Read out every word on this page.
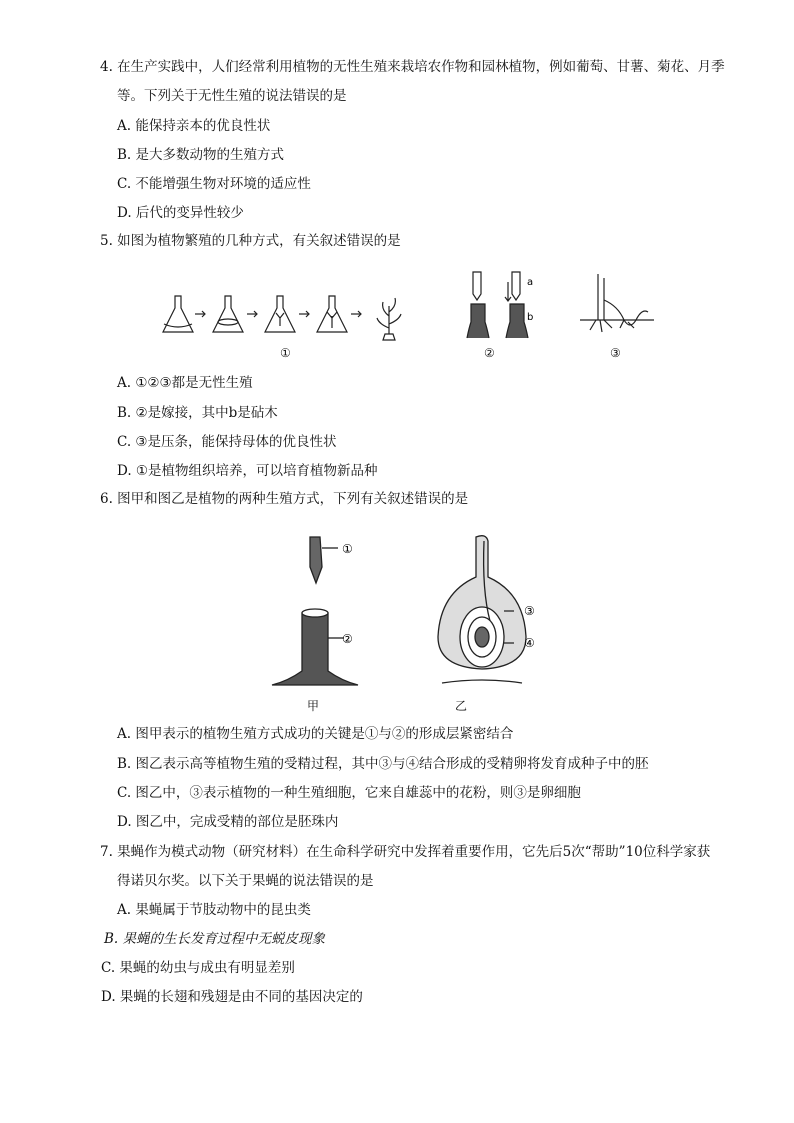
4. 在生产实践中，人们经常利用植物的无性生殖来栽培农作物和园林植物，例如葡萄、甘薯、菊花、月季
等。下列关于无性生殖的说法错误的是
A. 能保持亲本的优良性状
B. 是大多数动物的生殖方式
C. 不能增强生物对环境的适应性
D. 后代的变异性较少
5. 如图为植物繁殖的几种方式，有关叙述错误的是
①
a
b
②	③
A. ①②③都是无性生殖
B. ②是嫁接，其中b是砧木
C. ③是压条，能保持母体的优良性状
D. ①是植物组织培养，可以培育植物新品种
6. 图甲和图乙是植物的两种生殖方式，下列有关叙述错误的是
①
②
甲
③
④
乙
A. 图甲表示的植物生殖方式成功的关键是①与②的形成层紧密结合
B. 图乙表示高等植物生殖的受精过程，其中③与④结合形成的受精卵将发育成种子中的胚
C. 图乙中，③表示植物的一种生殖细胞，它来自雄蕊中的花粉，则③是卵细胞
D. 图乙中，完成受精的部位是胚珠内
7. 果蝇作为模式动物（研究材料）在生命科学研究中发挥着重要作用，它先后5次“帮助”10位科学家获
得诺贝尔奖。以下关于果蝇的说法错误的是
A. 果蝇属于节肢动物中的昆虫类
B. 果蝇的生长发育过程中无蜕皮现象
C. 果蝇的幼虫与成虫有明显差别
D. 果蝇的长翅和残翅是由不同的基因决定的
